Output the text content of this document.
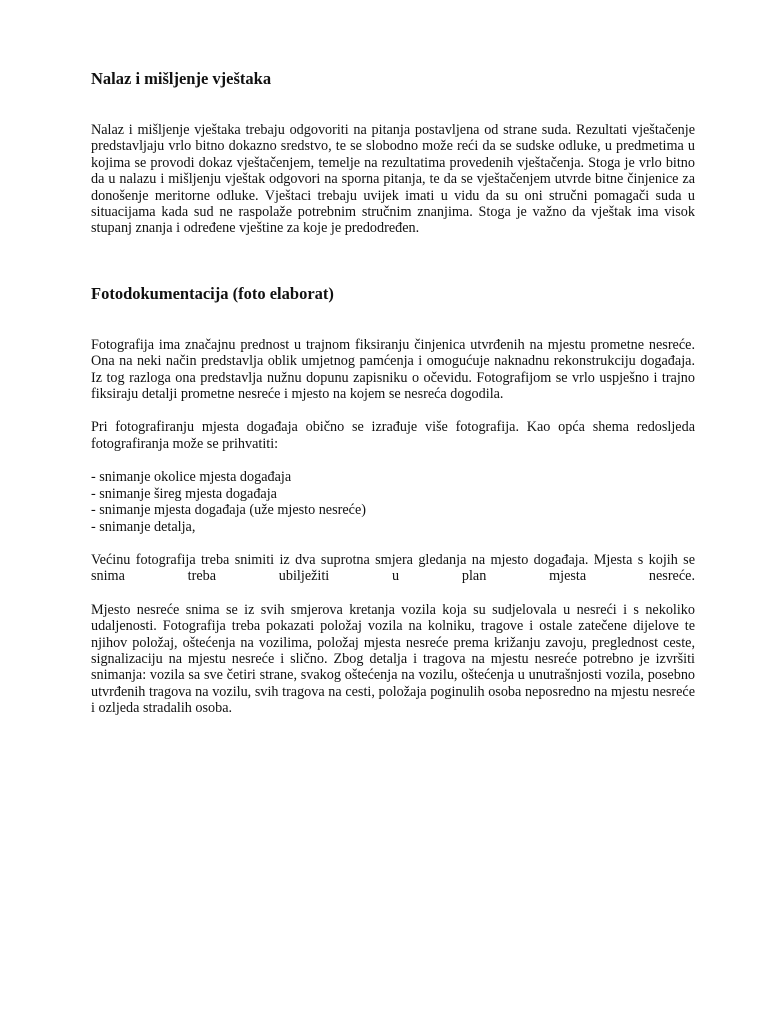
Nalaz i mišljenje vještaka

Nalaz i mišljenje vještaka trebaju odgovoriti na pitanja postavljena od strane suda. Rezultati vještačenje predstavljaju vrlo bitno dokazno sredstvo, te se slobodno može reći da se sudske odluke, u predmetima u kojima se provodi dokaz vještačenjem, temelje na rezultatima provedenih vještačenja. Stoga je vrlo bitno da u nalazu i mišljenju vještak odgovori na sporna pitanja, te da se vještačenjem utvrde bitne činjenice za donošenje meritorne odluke. Vještaci trebaju uvijek imati u vidu da su oni stručni pomagači suda u situacijama kada sud ne raspolaže potrebnim stručnim znanjima. Stoga je važno da vještak ima visok stupanj znanja i određene vještine za koje je predodređen.

Fotodokumentacija (foto elaborat)

Fotografija ima značajnu prednost u trajnom fiksiranju činjenica utvrđenih na mjestu prometne nesreće. Ona na neki način predstavlja oblik umjetnog pamćenja i omogućuje naknadnu rekonstrukciju događaja. Iz tog razloga ona predstavlja nužnu dopunu zapisniku o očevidu. Fotografijom se vrlo uspješno i trajno fiksiraju detalji prometne nesreće i mjesto na kojem se nesreća dogodila.

Pri fotografiranju mjesta događaja obično se izrađuje više fotografija. Kao opća shema redosljeda fotografiranja može se prihvatiti:

- snimanje okolice mjesta događaja
- snimanje šireg mjesta događaja
- snimanje mjesta događaja (uže mjesto nesreće)
- snimanje detalja,

Većinu fotografija treba snimiti iz dva suprotna smjera gledanja na mjesto događaja. Mjesta s kojih se snima treba ubilježiti u plan mjesta nesreće.

Mjesto nesreće snima se iz svih smjerova kretanja vozila koja su sudjelovala u nesreći i s nekoliko udaljenosti. Fotografija treba pokazati položaj vozila na kolniku, tragove i ostale zatečene dijelove te njihov položaj, oštećenja na vozilima, položaj mjesta nesreće prema križanju zavoju, preglednost ceste, signalizaciju na mjestu nesreće i slično. Zbog detalja i tragova na mjestu nesreće potrebno je izvršiti snimanja: vozila sa sve četiri strane, svakog oštećenja na vozilu, oštećenja u unutrašnjosti vozila, posebno utvrđenih tragova na vozilu, svih tragova na cesti, položaja poginulih osoba neposredno na mjestu nesreće i ozljeda stradalih osoba.
